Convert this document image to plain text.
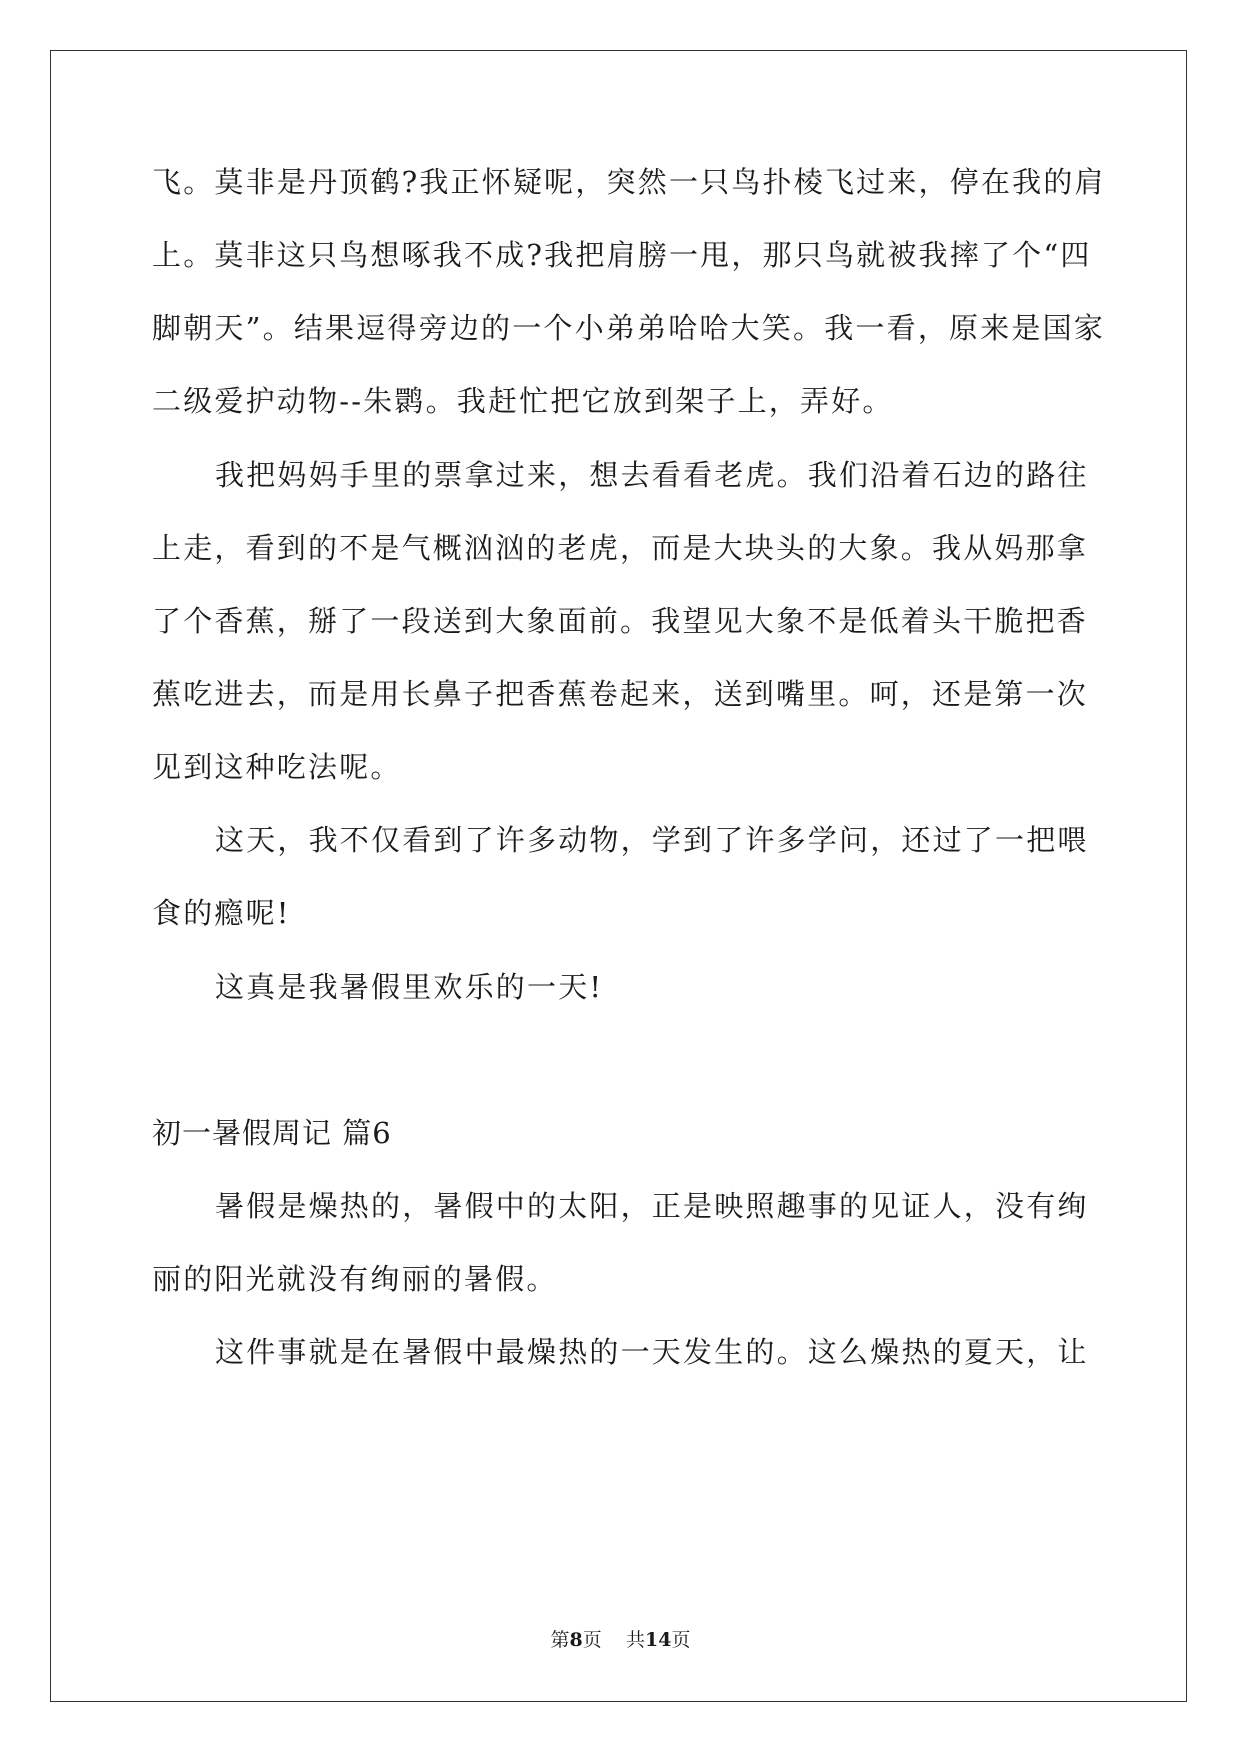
飞。莫非是丹顶鹤?我正怀疑呢，突然一只鸟扑棱飞过来，停在我的肩
上。莫非这只鸟想啄我不成?我把肩膀一甩，那只鸟就被我摔了个“四
脚朝天”。结果逗得旁边的一个小弟弟哈哈大笑。我一看，原来是国家
二级爱护动物--朱鹮。我赶忙把它放到架子上，弄好。
我把妈妈手里的票拿过来，想去看看老虎。我们沿着石边的路往
上走，看到的不是气概汹汹的老虎，而是大块头的大象。我从妈那拿
了个香蕉，掰了一段送到大象面前。我望见大象不是低着头干脆把香
蕉吃进去，而是用长鼻子把香蕉卷起来，送到嘴里。呵，还是第一次
见到这种吃法呢。
这天，我不仅看到了许多动物，学到了许多学问，还过了一把喂
食的瘾呢!
这真是我暑假里欢乐的一天!
初一暑假周记 篇6
暑假是燥热的，暑假中的太阳，正是映照趣事的见证人，没有绚
丽的阳光就没有绚丽的暑假。
这件事就是在暑假中最燥热的一天发生的。这么燥热的夏天，让
第8页 共14页
